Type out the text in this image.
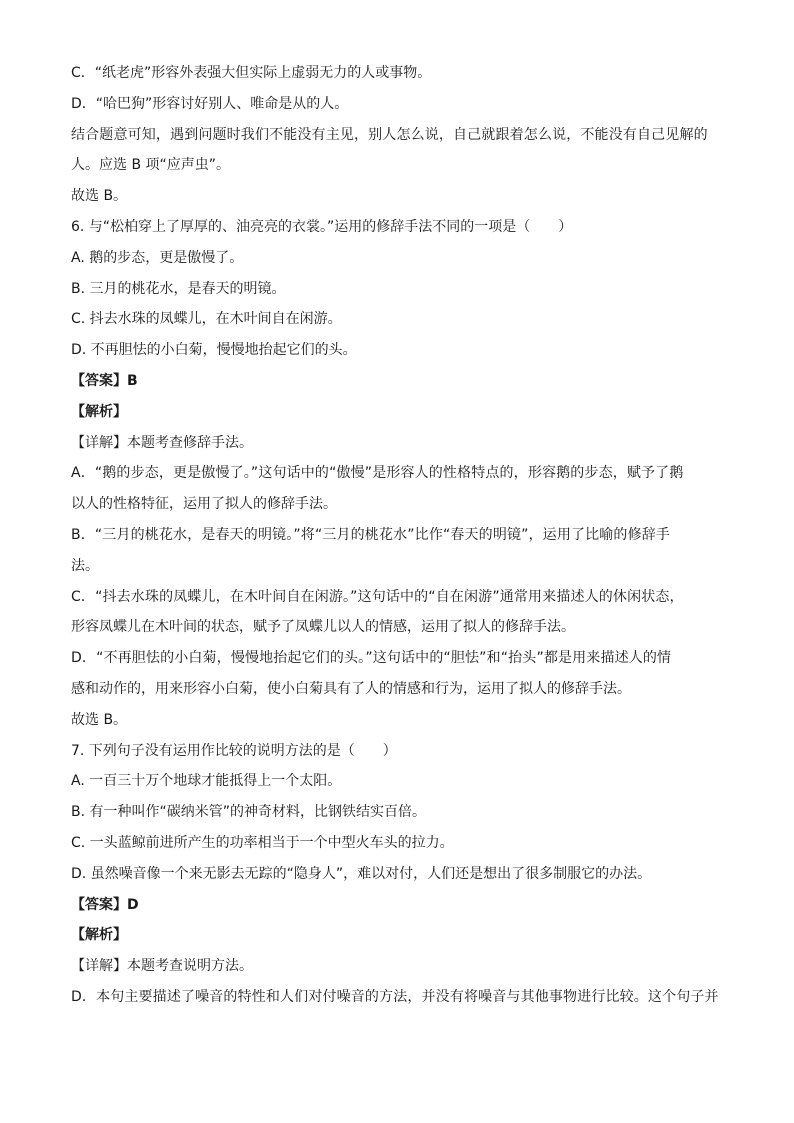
C．“纸老虎”形容外表强大但实际上虚弱无力的人或事物。
D．“哈巴狗”形容讨好别人、唯命是从的人。
结合题意可知，遇到问题时我们不能没有主见，别人怎么说，自己就跟着怎么说，不能没有自己见解的
人。应选 B 项“应声虫”。
故选 B。
6. 与“松柏穿上了厚厚的、油亮亮的衣裳。”运用的修辞手法不同的一项是（　　）
A. 鹅的步态，更是傲慢了。
B. 三月的桃花水，是春天的明镜。
C. 抖去水珠的凤蝶儿，在木叶间自在闲游。
D. 不再胆怯的小白菊，慢慢地抬起它们的头。
【答案】B
【解析】
【详解】本题考查修辞手法。
A．“鹅的步态，更是傲慢了。”这句话中的“傲慢”是形容人的性格特点的，形容鹅的步态，赋予了鹅
以人的性格特征，运用了拟人的修辞手法。
B．“三月的桃花水，是春天的明镜。”将“三月的桃花水”比作“春天的明镜”，运用了比喻的修辞手
法。
C．“抖去水珠的凤蝶儿，在木叶间自在闲游。”这句话中的“自在闲游”通常用来描述人的休闲状态，
形容凤蝶儿在木叶间的状态，赋予了凤蝶儿以人的情感，运用了拟人的修辞手法。
D．“不再胆怯的小白菊，慢慢地抬起它们的头。”这句话中的“胆怯”和“抬头”都是用来描述人的情
感和动作的，用来形容小白菊，使小白菊具有了人的情感和行为，运用了拟人的修辞手法。
故选 B。
7. 下列句子没有运用作比较的说明方法的是（　　）
A. 一百三十万个地球才能抵得上一个太阳。
B. 有一种叫作“碳纳米管”的神奇材料，比钢铁结实百倍。
C. 一头蓝鲸前进所产生的功率相当于一个中型火车头的拉力。
D. 虽然噪音像一个来无影去无踪的“隐身人”，难以对付，人们还是想出了很多制服它的办法。
【答案】D
【解析】
【详解】本题考查说明方法。
D．本句主要描述了噪音的特性和人们对付噪音的方法，并没有将噪音与其他事物进行比较。这个句子并
